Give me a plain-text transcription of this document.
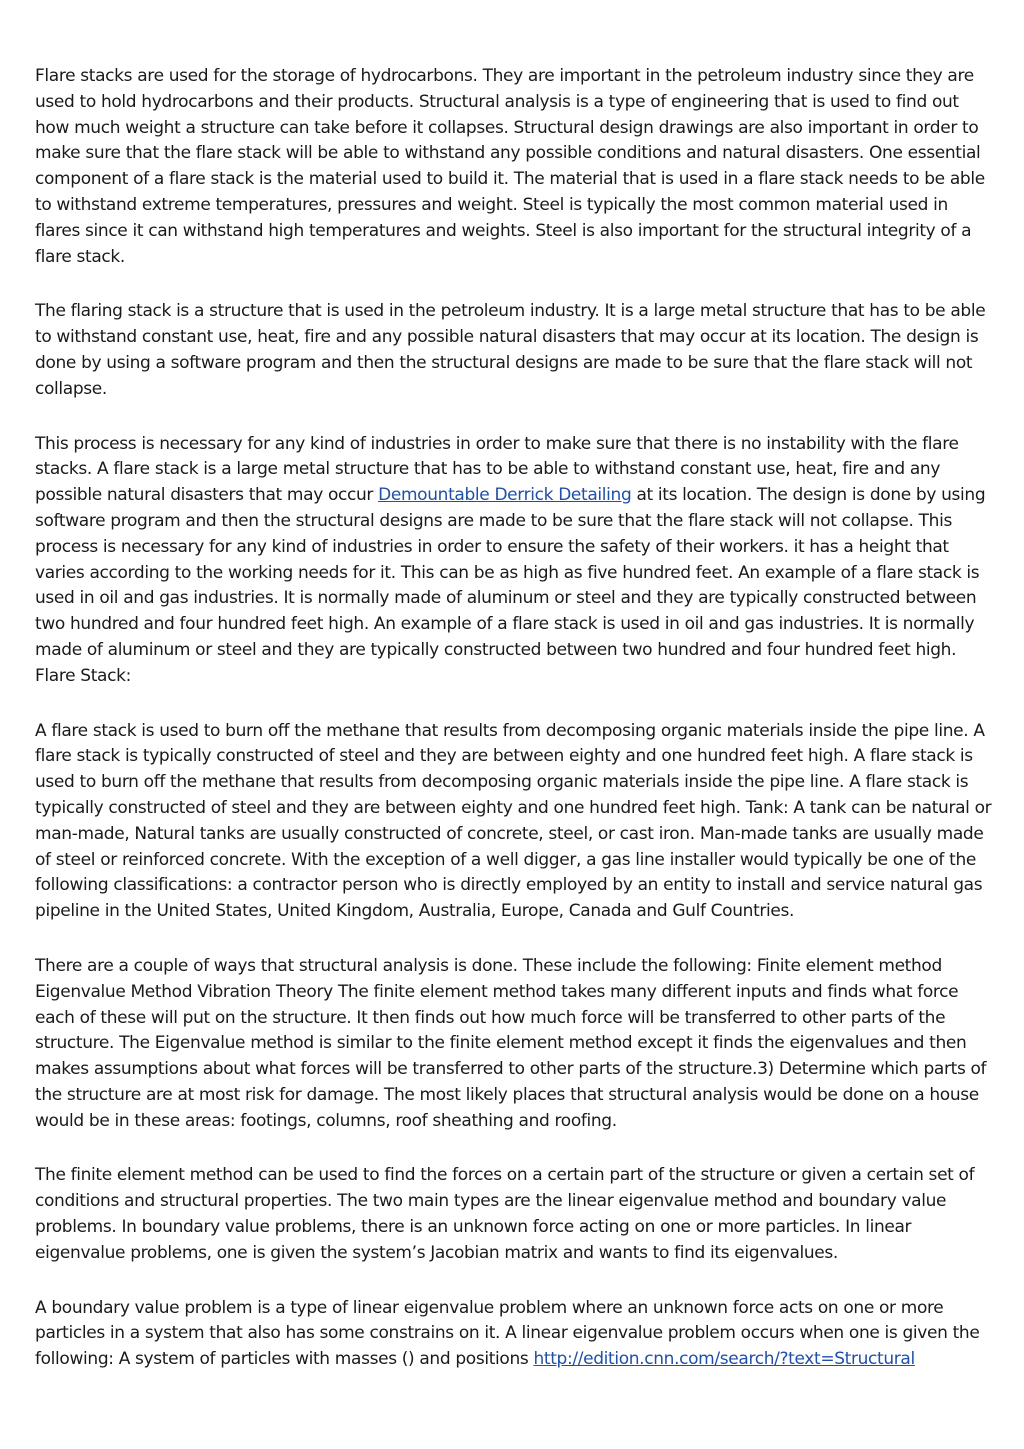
Flare stacks are used for the storage of hydrocarbons. They are important in the petroleum industry since they are used to hold hydrocarbons and their products. Structural analysis is a type of engineering that is used to find out how much weight a structure can take before it collapses. Structural design drawings are also important in order to make sure that the flare stack will be able to withstand any possible conditions and natural disasters. One essential component of a flare stack is the material used to build it. The material that is used in a flare stack needs to be able to withstand extreme temperatures, pressures and weight. Steel is typically the most common material used in flares since it can withstand high temperatures and weights. Steel is also important for the structural integrity of a flare stack.

The flaring stack is a structure that is used in the petroleum industry. It is a large metal structure that has to be able to withstand constant use, heat, fire and any possible natural disasters that may occur at its location. The design is done by using a software program and then the structural designs are made to be sure that the flare stack will not collapse.

This process is necessary for any kind of industries in order to make sure that there is no instability with the flare stacks. A flare stack is a large metal structure that has to be able to withstand constant use, heat, fire and any possible natural disasters that may occur Demountable Derrick Detailing at its location. The design is done by using software program and then the structural designs are made to be sure that the flare stack will not collapse. This process is necessary for any kind of industries in order to ensure the safety of their workers. it has a height that varies according to the working needs for it. This can be as high as five hundred feet. An example of a flare stack is used in oil and gas industries. It is normally made of aluminum or steel and they are typically constructed between two hundred and four hundred feet high. An example of a flare stack is used in oil and gas industries. It is normally made of aluminum or steel and they are typically constructed between two hundred and four hundred feet high. Flare Stack:

A flare stack is used to burn off the methane that results from decomposing organic materials inside the pipe line. A flare stack is typically constructed of steel and they are between eighty and one hundred feet high. A flare stack is used to burn off the methane that results from decomposing organic materials inside the pipe line. A flare stack is typically constructed of steel and they are between eighty and one hundred feet high. Tank: A tank can be natural or man-made, Natural tanks are usually constructed of concrete, steel, or cast iron. Man-made tanks are usually made of steel or reinforced concrete. With the exception of a well digger, a gas line installer would typically be one of the following classifications: a contractor person who is directly employed by an entity to install and service natural gas pipeline in the United States, United Kingdom, Australia, Europe, Canada and Gulf Countries.

There are a couple of ways that structural analysis is done. These include the following: Finite element method Eigenvalue Method Vibration Theory The finite element method takes many different inputs and finds what force each of these will put on the structure. It then finds out how much force will be transferred to other parts of the structure. The Eigenvalue method is similar to the finite element method except it finds the eigenvalues and then makes assumptions about what forces will be transferred to other parts of the structure.3) Determine which parts of the structure are at most risk for damage. The most likely places that structural analysis would be done on a house would be in these areas: footings, columns, roof sheathing and roofing.

The finite element method can be used to find the forces on a certain part of the structure or given a certain set of conditions and structural properties. The two main types are the linear eigenvalue method and boundary value problems. In boundary value problems, there is an unknown force acting on one or more particles. In linear eigenvalue problems, one is given the system’s Jacobian matrix and wants to find its eigenvalues.

A boundary value problem is a type of linear eigenvalue problem where an unknown force acts on one or more particles in a system that also has some constrains on it. A linear eigenvalue problem occurs when one is given the following: A system of particles with masses () and positions http://edition.cnn.com/search/?text=Structural
